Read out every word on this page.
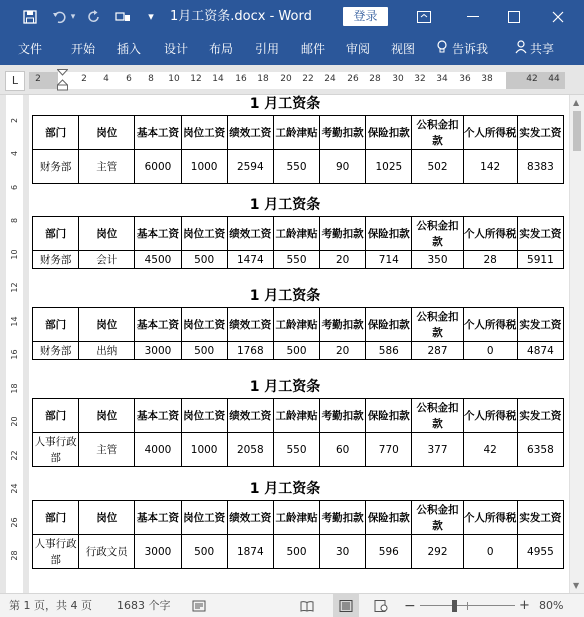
▾	▾	1月工资条.docx - Word	登录
文件 开始 插入 设计 布局 引用 邮件 审阅 视图	告诉我	共享
L	2	2	4	6	8	10 12 14 16 18 20 22 24 26 28 30 32 34 36 38	42 44
2
4
6
8
10
12
14
16
18
20
22
24
26
28
1 月工资条
部门	岗位	基本工资	岗位工资	绩效工资	工龄津贴	考勤扣款	保险扣款	公积金扣款	个人所得税	实发工资
财务部	主管	6000	1000	2594	550	90	1025	502	142	8383
1 月工资条
部门	岗位	基本工资	岗位工资	绩效工资	工龄津贴	考勤扣款	保险扣款	公积金扣款	个人所得税	实发工资
财务部	会计	4500	500	1474	550	20	714	350	28	5911
1 月工资条
部门	岗位	基本工资	岗位工资	绩效工资	工龄津贴	考勤扣款	保险扣款	公积金扣款	个人所得税	实发工资
财务部	出纳	3000	500	1768	500	20	586	287	0	4874
1 月工资条
部门	岗位	基本工资	岗位工资	绩效工资	工龄津贴	考勤扣款	保险扣款	公积金扣款	个人所得税	实发工资
人事行政部	主管	4000	1000	2058	550	60	770	377	42	6358
1 月工资条
部门	岗位	基本工资	岗位工资	绩效工资	工龄津贴	考勤扣款	保险扣款	公积金扣款	个人所得税	实发工资
人事行政部	行政文员	3000	500	1874	500	30	596	292	0	4955
▲
▼
第 1 页，共 4 页 1683 个字	−	+ 80%
